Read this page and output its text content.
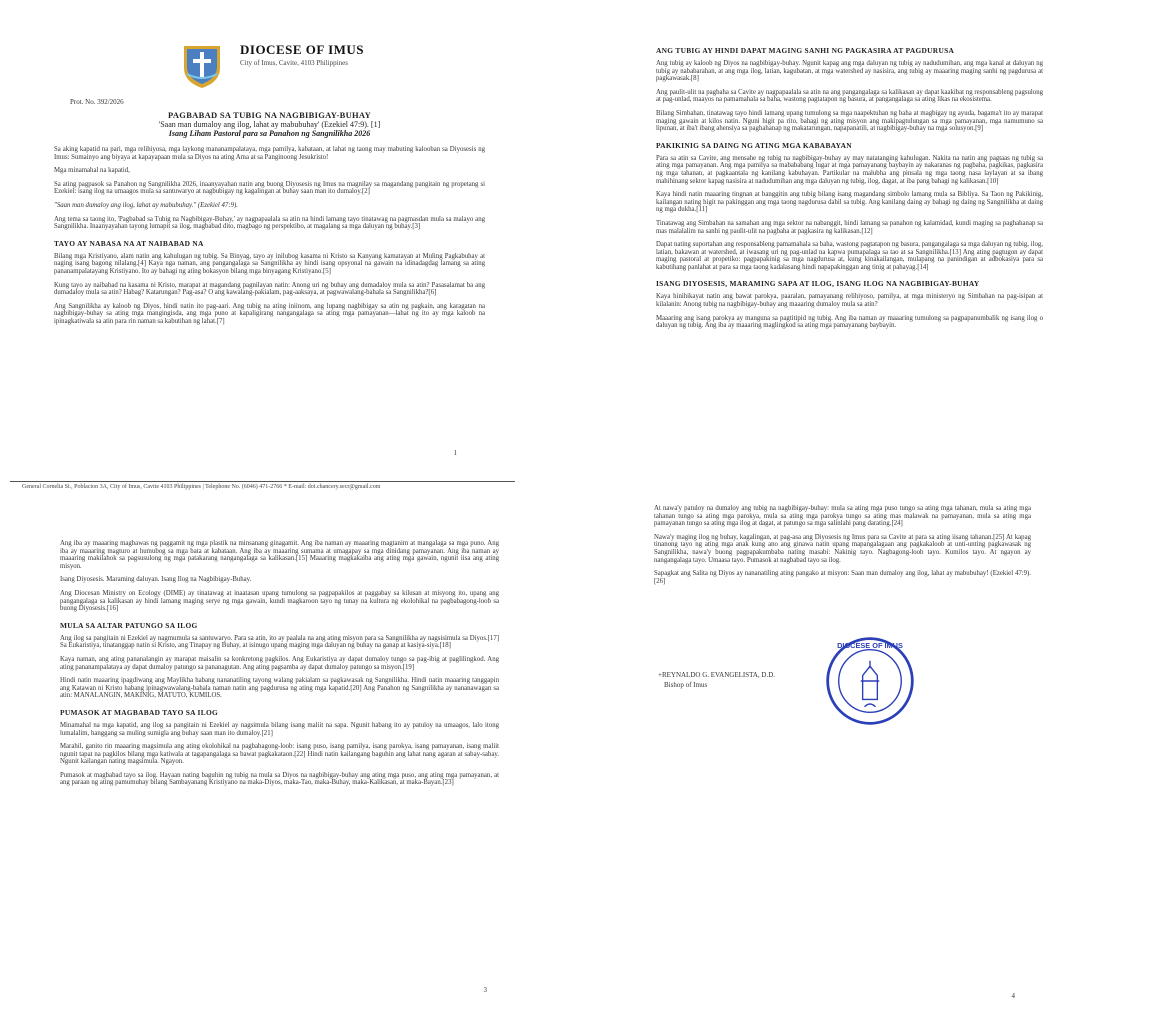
DIOCESE OF IMUS
City of Imus, Cavite, 4103 Philippines
Prot. No. 392/2026
PAGBABAD SA TUBIG NA NAGBIBIGAY-BUHAY
'Saan man dumaloy ang ilog, lahat ay mabubuhay' (Ezekiel 47:9). [1]
Isang Liham Pastoral para sa Panahon ng Sangnilikha 2026

Sa aking kapatid na pari, mga relihiyosa, mga laykong mananampalataya, mga pamilya, kabataan, at lahat ng taong may mabuting kalooban sa Diyosesis ng Imus: Sumainyo ang biyaya at kapayapaan mula sa Diyos na ating Ama at sa Panginoong Jesukristo!

Mga minamahal na kapatid,

Sa ating pagpasok sa Panahon ng Sangnilikha 2026, inaanyayahan natin ang buong Diyosesis ng Imus na magnilay sa magandang pangitain ng propetang si Ezekiel: isang ilog na umaagos mula sa santuwaryo at nagbubigay ng kagalingan at buhay saan man ito dumaloy.[2]

"Saan man dumaloy ang ilog, lahat ay mabubuhay." (Ezekiel 47:9).

Ang tema sa taong ito, 'Pagbabad sa Tubig na Nagbibigay-Buhay,' ay nagpapaalala sa atin na hindi lamang tayo tinatawag na pagmasdan mula sa malayo ang Sangnilikha. Inaanyayahan tayong lumapit sa ilog, magbabad dito, magbago ng perspektibo, at magalang sa mga daluyan ng buhay.[3]

TAYO AY NABASA NA AT NAIBABAD NA

Bilang mga Kristiyano, alam natin ang kahulugan ng tubig. Sa Binyag, tayo ay inilubog kasama ni Kristo sa Kanyang kamatayan at Muling Pagkabuhay at naging isang bagong nilalang.[4] Kaya nga naman, ang pangangalaga sa Sangnilikha ay hindi isang opsyonal na gawain na idinadagdag lamang sa ating pananampalatayang Kristiyano. Ito ay bahagi ng ating bokasyon bilang mga binyagang Kristiyano.[5]

Kung tayo ay naibabad na kasama ni Kristo, marapat at magandang pagnilayan natin: Anong uri ng buhay ang dumadaloy mula sa atin? Pasasalamat ba ang dumadaloy mula sa atin? Habag? Katarungan? Pag-asa? O ang kawalang-pakialam, pag-aaksaya, at pagwawalang-bahala sa Sangnilikha?[6]

Ang Sangnilikha ay kaloob ng Diyos, hindi natin ito pag-aari. Ang tubig na ating iniinom, ang lupang nagbibigay sa atin ng pagkain, ang karagatan na nagbibigay-buhay sa ating mga mangingisda, ang mga puno at kapaligirang nangangalaga sa ating mga pamayanan—lahat ng ito ay mga kaloob na ipinagkatiwala sa atin para rin naman sa kabutihan ng lahat.[7]

1
General Cornelia St., Poblacion 3A, City of Imus, Cavite 4103 Philippines | Telephone No. (6046) 471-2766 * E-mail: doi.chancery.secr@gmail.com
ANG TUBIG AY HINDI DAPAT MAGING SANHI NG PAGKASIRA AT PAGDURUSA

Ang tubig ay kaloob ng Diyos na nagbibigay-buhay. Ngunit kapag ang mga daluyan ng tubig ay nadudumihan, ang mga kanal at daluyan ng tubig ay nababarahan, at ang mga ilog, latian, kagubatan, at mga watershed ay nasisira, ang tubig ay maaaring maging sanhi ng pagdurusa at pagkawasak.[8]

Ang paulit-ulit na pagbaha sa Cavite ay nagpapaalala sa atin na ang pangangalaga sa kalikasan ay dapat kaakibat ng responsableng pagsulong at pag-unlad, maayos na pamamahala sa baha, wastong pagtatapon ng basura, at pangangalaga sa ating likas na ekosistema.

Bilang Simbahan, tinatawag tayo hindi lamang upang tumulong sa mga naapektuhan ng baha at magbigay ng ayuda, bagama't ito ay marapat maging gawain at kilos natin. Nguni higit pa rito, bahagi ng ating misyon ang makipagtulungan sa mga pamayanan, mga namumuno sa lipunan, at iba't ibang ahensiya sa paghahanap ng makatarungan, napapanatili, at nagbibigay-buhay na mga solusyon.[9]

PAKIKINIG SA DAING NG ATING MGA KABABAYAN

Para sa atin sa Cavite, ang mensahe ng tubig na nagbibigay-buhay ay may natatanging kahulugan. Nakita na natin ang pagtaas ng tubig sa ating mga pamayanan. Ang mga pamilya sa mabababang lugar at mga pamayanang baybayin ay nakaranas ng pagbaha, pagkikas, pagkasira ng mga tahanan, at pagkaantala ng kanilang kabuhayan. Partikular na malubha ang pinsala ng mga taong nasa laylayan at sa ibang mahihinang sektor kapag nasisira at nadudumihan ang mga daluyan ng tubig, ilog, dagat, at iba pang bahagi ng kalikasan.[10]

Kaya hindi natin maaaring tingnan at banggitin ang tubig bilang isang magandang simbolo lamang mula sa Bibliya. Sa Taon ng Pakikinig, kailangan nating higit na pakinggan ang mga taong nagdurusa dahil sa tubig. Ang kanilang daing ay bahagi ng daing ng Sangnilikha at daing ng mga dukha.[11]

Tinatawag ang Simbahan na samahan ang mga sektor na nabanggit, hindi lamang sa panahon ng kalamidad, kundi maging sa paghahanap sa mas malalalim na sanhi ng paulit-ulit na pagbaha at pagkasira ng kalikasan.[12]

Dapat nating suportahan ang responsableng pamamahala sa baha, wastong pagtatapon ng basura, pangangalaga sa mga daluyan ng tubig, ilog, latian, bakawan at watershed, at iwasang uri ng pag-unlad na kapwa pumapalaga sa tao at sa Sangnilikha.[13] Ang ating pagtugon ay dapat maging pastoral at propetiko: pagpapakinig sa mga nagdurusa at, kung kinakailangan, mulapang na panindigan at adbokasiya para sa kabutihang panlahat at para sa mga taong kadalasang hindi napapakinggan ang tinig at pahayag.[14]

ISANG DIYOSESIS, MARAMING SAPA AT ILOG, ISANG ILOG NA NAGBIBIGAY-BUHAY

Kaya hinihikayat natin ang bawat parokya, paaralan, pamayanang relihiyoso, pamilya, at mga ministeryo ng Simbahan na pag-isipan at kilalanin: Anong tubig na nagbibigay-buhay ang maaaring dumaloy mula sa atin?

Maaaring ang isang parokya ay mangunа sa pagtitipid ng tubig. Ang iba naman ay maaaring tumulong sa pagpapanumbalik ng isang ilog o daluyan ng tubig. Ang iba ay maaaring maglingkod sa ating mga pamayanang baybayin.

Ang iba ay maaaring magbawas ng paggamit ng mga plastik na minsanang ginagamit. Ang iba naman ay maaaring magtanim at mangalaga sa mga puno. Ang iba ay maaaring magturo at humubog sa mga bata at kabataan. Ang iba ay maaaring sumama at umagapay sa mga dinidang pamayanan. Ang iba naman ay maaaring makilahok sa pagsusulong ng mga patakarang nangangalaga sa kalikasan.[15] Maaaring magkakaiba ang ating mga gawain, ngunit iisa ang ating misyon.

Isang Diyosesis. Maraming daluyan. Isang Ilog na Nagbibigay-Buhay.

Ang Diocesan Ministry on Ecology (DIME) ay tinatawag at inaatasan upang tumulong sa pagpapakilos at paggabay sa kilusan at misyong ito, upang ang pangangalaga sa kalikasan ay hindi lamang maging serye ng mga gawain, kundi magkaroon tayo ng tunay na kultura ng ekolohikal na pagbabagong-loob sa buong Diyosesis.[16]

MULA SA ALTAR PATUNGO SA ILOG

Ang ilog sa pangitain ni Ezekiel ay nagmumula sa santuwaryo. Para sa atin, ito ay paalala na ang ating misyon para sa Sangnilikha ay nagsisimula sa Diyos.[17] Sa Eukaristiya, tinatanggap natin si Kristo, ang Tinapay ng Buhay, at isinugo upang maging mga daluyan ng buhay na ganap at kasiya-siya.[18]

Kaya naman, ang ating pananalangin ay marapat maisalin sa konkretong pagkilos. Ang Eukaristiya ay dapat dumaloy tungo sa pag-ibig at paglilingkod. Ang ating pananampalataya ay dapat dumaloy patungo sa pananagutan. Ang ating pagsamba ay dapat dumaloy patungo sa misyon.[19]

Hindi natin maaaring ipagdiwang ang Maylikha habang nananatiling tayong walang pakialam sa pagkawasak ng Sangnilikha. Hindi natin maaaring tanggapin ang Katawan ni Kristo habang ipinagwawalang-bahala naman natin ang pagdurusa ng ating mga kapatid.[20] Ang Panahon ng Sangnilikha ay nananawagan sa atin: MANALANGIN, MAKINIG, MATUTO, KUMILOS.

PUMASOK AT MAGBABAD TAYO SA ILOG

Minamahal na mga kapatid, ang ilog sa pangitain ni Ezekiel ay nagsimula bilang isang maliit na sapa. Ngunit habang ito ay patuloy na umaagos, lalo itong lumalalim, hanggang sa muling sumigla ang buhay saan man ito dumaloy.[21]

Marahil, ganito rin maaaring magsimula ang ating ekolohikal na pagbabagong-loob: isang puso, isang pamilya, isang parokya, isang pamayanan, isang maliit ngunit tapat na pagkilos bilang mga katiwala at tagapangalaga sa bawat pagkakataon.[22] Hindi natin kailangang baguhin ang lahat nang agaran at sabay-sabay. Ngunit kailangan nating magsimula. Ngayon.

Pumasok at magbabad tayo sa ilog. Hayaan nating baguhin ng tubig na mula sa Diyos na nagbibigay-buhay ang ating mga puso, ang ating mga pamayanan, at ang paraan ng ating pamumuhay bilang Sambayanang Kristiyano na maka-Diyos, maka-Tao, maka-Buhay, maka-Kalikasan, at maka-Bayan.[23]

3

At nawa'y patuloy na dumaloy ang tubig na nagbibigay-buhay: mula sa ating mga puso tungo sa ating mga tahanan, mula sa ating mga tahanan tungo sa ating mga parokya, mula sa ating mga parokya tungo sa ating mas malawak na pamayanan, mula sa ating mga pamayanan tungo sa ating mga ilog at dagat, at patungo sa mga salinlahi pang darating.[24]

Nawa'y maging ilog ng buhay, kagalingan, at pag-asa ang Diyosesis ng Imus para sa Cavite at para sa ating iisang tahanan.[25] At kapag tinanong tayo ng ating mga anak kung ano ang ginawa natin upang mapangalagaan ang pagkakaloob at unti-unting pagkawasak ng Sangnilikha, nawa'y buong pagpapakumbaba nating masabi: Nakinig tayo. Nagbagong-loob tayo. Kumilos tayo. At ngayon ay nangangalaga tayo. Umaasa tayo. Pumasok at nagbabad tayo sa ilog.

Sapagkat ang Salita ng Diyos ay nananatiling ating pangako at misyon: Saan man dumaloy ang ilog, lahat ay mabubuhay! (Ezekiel 47:9). [26]

+REYNALDO G. EVANGELISTA, D.D.
Bishop of Imus
DIOCESE OF IMUS
4
